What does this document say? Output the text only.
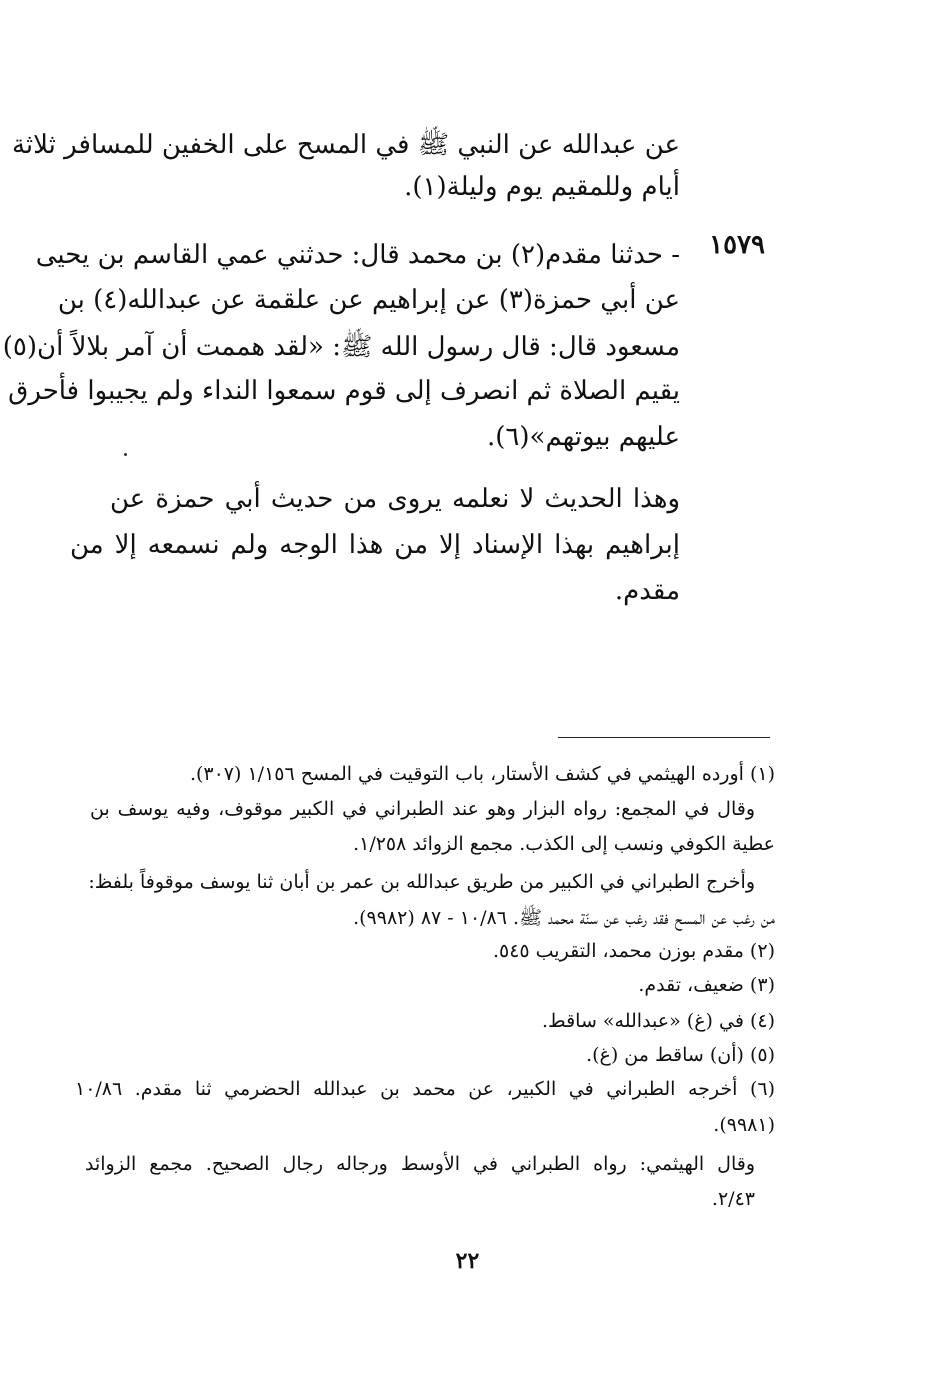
عن عبدالله عن النبي ﷺ في المسح على الخفين للمسافر ثلاثة
أيام وللمقيم يوم وليلة(١).
١٥٧٩
- حدثنا مقدم(٢) بن محمد قال: حدثني عمي القاسم بن يحيى
عن أبي حمزة(٣) عن إبراهيم عن علقمة عن عبدالله(٤) بن
مسعود قال: قال رسول الله ﷺ: «لقد هممت أن آمر بلالاً أن(٥)
يقيم الصلاة ثم انصرف إلى قوم سمعوا النداء ولم يجيبوا فأحرق
عليهم بيوتهم»(٦).
وهذا الحديث لا نعلمه يروى من حديث أبي حمزة عن
إبراهيم بهذا الإسناد إلا من هذا الوجه ولم نسمعه إلا من
مقدم.
(١) أورده الهيثمي في كشف الأستار، باب التوقيت في المسح ١/١٥٦ (٣٠٧).
وقال في المجمع: رواه البزار وهو عند الطبراني في الكبير موقوف، وفيه يوسف بن
عطية الكوفي ونسب إلى الكذب. مجمع الزوائد ١/٢٥٨.
وأخرج الطبراني في الكبير من طريق عبدالله بن عمر بن أبان ثنا يوسف موقوفاً بلفظ:
من رغب عن المسح فقد رغب عن سنّة محمد ﷺ. ١٠/٨٦ - ٨٧ (٩٩٨٢).
(٢) مقدم بوزن محمد، التقريب ٥٤٥.
(٣) ضعيف، تقدم.
(٤) في (غ) «عبدالله» ساقط.
(٥) (أن) ساقط من (غ).
(٦) أخرجه الطبراني في الكبير، عن محمد بن عبدالله الحضرمي ثنا مقدم. ١٠/٨٦
(٩٩٨١).
وقال الهيثمي: رواه الطبراني في الأوسط ورجاله رجال الصحيح. مجمع الزوائد
٢/٤٣.
٢٢
